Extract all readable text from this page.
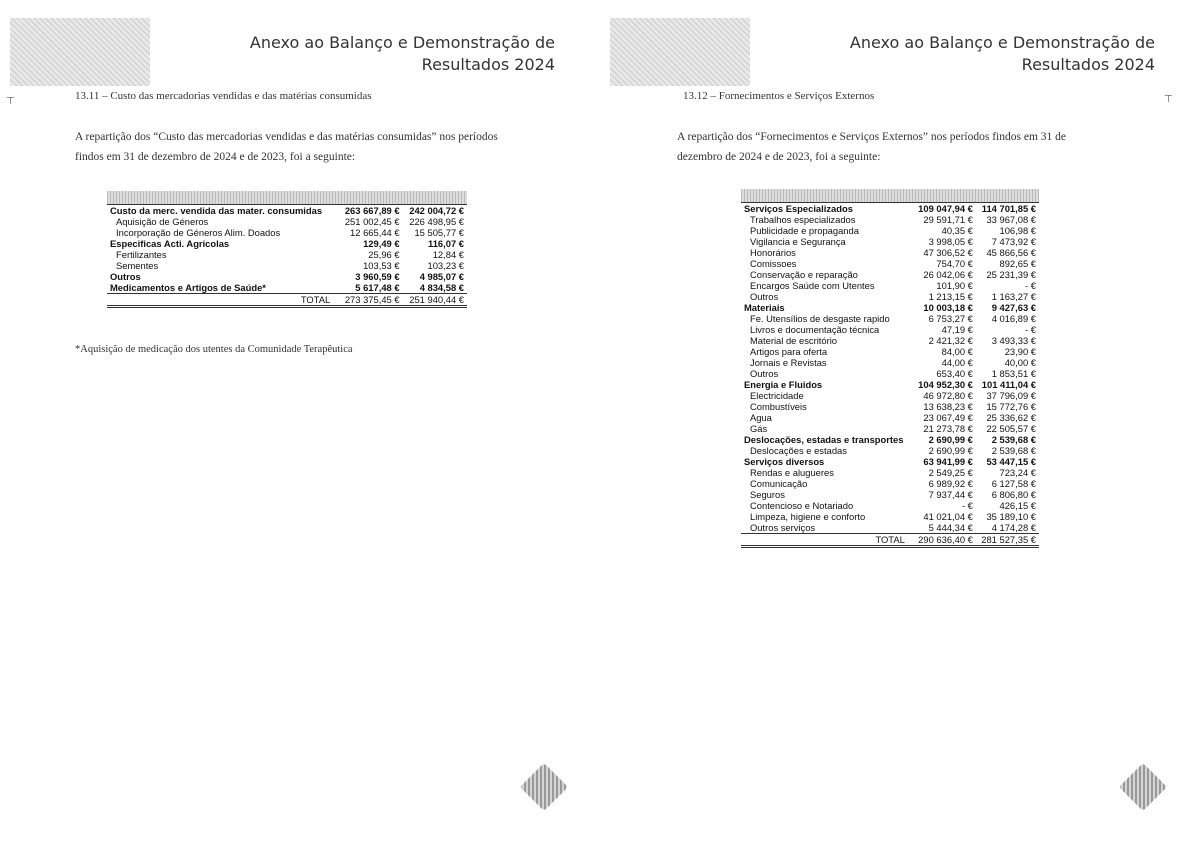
Anexo ao Balanço e Demonstração de
Resultados 2024
⊤	13.11 – Custo das mercadorias vendidas e das matérias consumidas
A repartição dos “Custo das mercadorias vendidas e das matérias consumidas” nos períodos
findos em 31 de dezembro de 2024 e de 2023, foi a seguinte:

Custo da merc. vendida das mater. consumidas	263 667,89 €	242 004,72 €
Aquisição de Géneros	251 002,45 €	226 498,95 €
Incorporação de Géneros Alim. Doados	12 665,44 €	15 505,77 €
Especificas Acti. Agricolas	129,49 €	116,07 €
Fertilizantes	25,96 €	12,84 €
Sementes	103,53 €	103,23 €
Outros	3 960,59 €	4 985,07 €
Medicamentos e Artigos de Saúde*	5 617,48 €	4 834,58 €
TOTAL	273 375,45 €	251 940,44 €
*Aquisição de medicação dos utentes da Comunidade Terapêutica

Anexo ao Balanço e Demonstração de
Resultados 2024
⊤
13.12 – Fornecimentos e Serviços Externos
A repartição dos “Fornecimentos e Serviços Externos” nos períodos findos em 31 de
dezembro de 2024 e de 2023, foi a seguinte:

Serviços Especializados	109 047,94 €	114 701,85 €
Trabalhos especializados	29 591,71 €	33 967,08 €
Publicidade e propaganda	40,35 €	106,98 €
Vigilancia e Segurança	3 998,05 €	7 473,92 €
Honorários	47 306,52 €	45 866,56 €
Comissoes	754,70 €	892,65 €
Conservação e reparação	26 042,06 €	25 231,39 €
Encargos Saúde com Utentes	101,90 €	- €
Outros	1 213,15 €	1 163,27 €
Materiais	10 003,18 €	9 427,63 €
Fe. Utensílios de desgaste rapido	6 753,27 €	4 016,89 €
Livros e documentação técnica	47,19 €	- €
Material de escritório	2 421,32 €	3 493,33 €
Artigos para oferta	84,00 €	23,90 €
Jornais e Revistas	44,00 €	40,00 €
Outros	653,40 €	1 853,51 €
Energia e Fluidos	104 952,30 €	101 411,04 €
Electricidade	46 972,80 €	37 796,09 €
Combustíveis	13 638,23 €	15 772,76 €
Agua	23 067,49 €	25 336,62 €
Gás	21 273,78 €	22 505,57 €
Deslocações, estadas e transportes	2 690,99 €	2 539,68 €
Deslocações e estadas	2 690,99 €	2 539,68 €
Serviços diversos	63 941,99 €	53 447,15 €
Rendas e alugueres	2 549,25 €	723,24 €
Comunicação	6 989,92 €	6 127,58 €
Seguros	7 937,44 €	6 806,80 €
Contencioso e Notariado	- €	426,15 €
Limpeza, higiene e conforto	41 021,04 €	35 189,10 €
Outros serviços	5 444,34 €	4 174,28 €
TOTAL	290 636,40 €	281 527,35 €
